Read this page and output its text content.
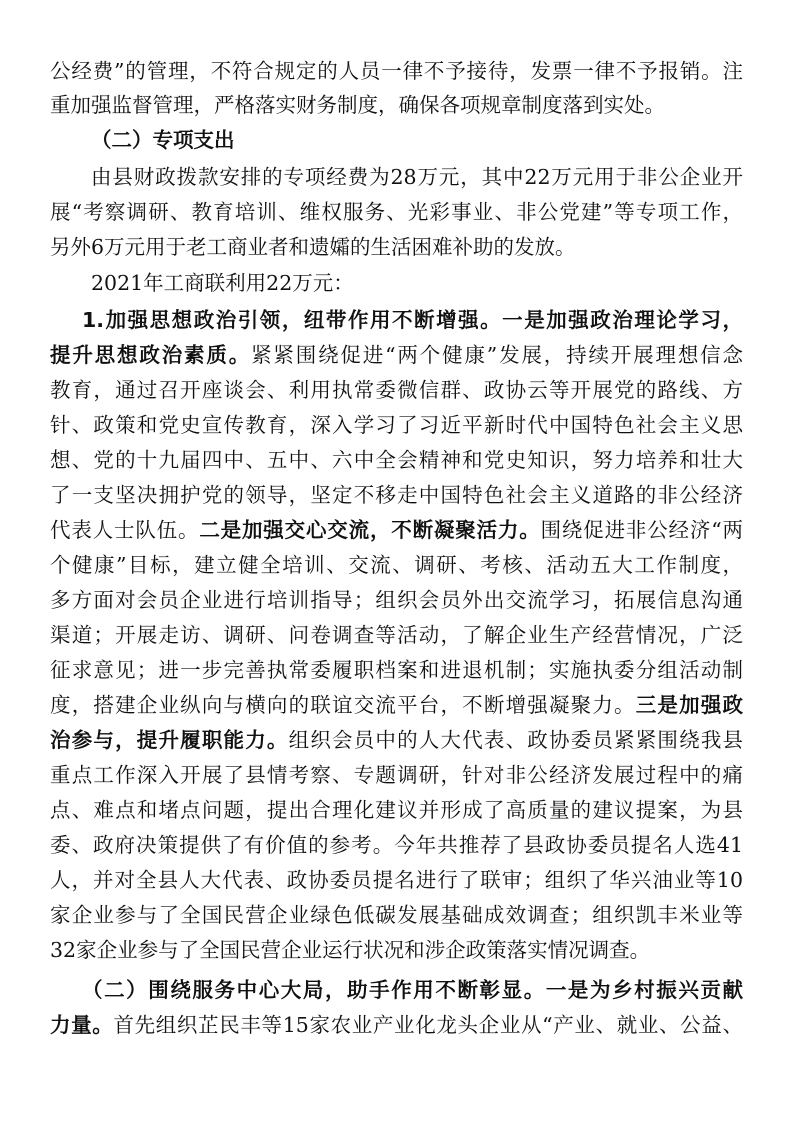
公经费”的管理，不符合规定的人员一律不予接待，发票一律不予报销。注
重加强监督管理，严格落实财务制度，确保各项规章制度落到实处。
（二）专项支出
由县财政拨款安排的专项经费为28万元，其中22万元用于非公企业开
展“考察调研、教育培训、维权服务、光彩事业、非公党建”等专项工作，
另外6万元用于老工商业者和遗孀的生活困难补助的发放。
2021年工商联利用22万元：
1.加强思想政治引领，纽带作用不断增强。一是加强政治理论学习，
提升思想政治素质。紧紧围绕促进“两个健康”发展，持续开展理想信念
教育，通过召开座谈会、利用执常委微信群、政协云等开展党的路线、方
针、政策和党史宣传教育，深入学习了习近平新时代中国特色社会主义思
想、党的十九届四中、五中、六中全会精神和党史知识，努力培养和壮大
了一支坚决拥护党的领导，坚定不移走中国特色社会主义道路的非公经济
代表人士队伍。二是加强交心交流，不断凝聚活力。围绕促进非公经济“两
个健康”目标，建立健全培训、交流、调研、考核、活动五大工作制度，
多方面对会员企业进行培训指导；组织会员外出交流学习，拓展信息沟通
渠道；开展走访、调研、问卷调查等活动，了解企业生产经营情况，广泛
征求意见；进一步完善执常委履职档案和进退机制；实施执委分组活动制
度，搭建企业纵向与横向的联谊交流平台，不断增强凝聚力。三是加强政
治参与，提升履职能力。组织会员中的人大代表、政协委员紧紧围绕我县
重点工作深入开展了县情考察、专题调研，针对非公经济发展过程中的痛
点、难点和堵点问题，提出合理化建议并形成了高质量的建议提案，为县
委、政府决策提供了有价值的参考。今年共推荐了县政协委员提名人选41
人，并对全县人大代表、政协委员提名进行了联审；组织了华兴油业等10
家企业参与了全国民营企业绿色低碳发展基础成效调查；组织凯丰米业等
32家企业参与了全国民营企业运行状况和涉企政策落实情况调查。
（二）围绕服务中心大局，助手作用不断彰显。一是为乡村振兴贡献
力量。首先组织芷民丰等15家农业产业化龙头企业从“产业、就业、公益、
